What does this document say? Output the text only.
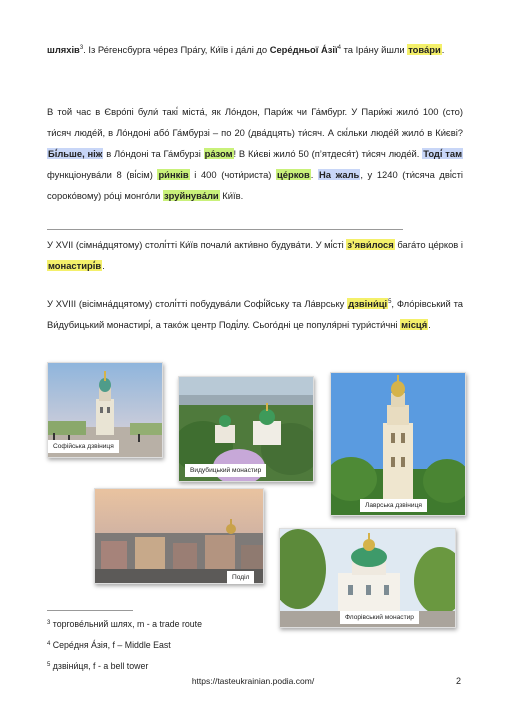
шляхів$^3$. Із Ре́генсбурга че́рез Пра́гу, Ки́їв і да́лі до Сере́дньої А́зії$^4$ та Іра́ну йшли това́ри.

В той час в Євро́пі були́ такі́ міста́, як Ло́ндон, Пари́ж чи Га́мбург. У Пари́жі жило́ 100 (сто) ти́сяч люде́й, в Ло́ндоні або́ Га́мбурзі – по 20 (два́дцять) ти́сяч. А скі́льки люде́й жило́ в Ки́єві? Бі́льше, ніж в Ло́ндоні та Га́мбурзі ра́зом! В Ки́єві жило́ 50 (п’ятдеся́т) ти́сяч люде́й. Тоді́ там функціонува́ли 8 (ві́сім) ри́нків і 400 (чоти́риста) це́рков. На жаль, у 1240 (ти́сяча дві́сті сороко́вому) ро́ці монго́ли зруйнува́ли Ки́їв.

У XVII (сімна́дцятому) столі́тті Ки́їв почали́ акти́вно будува́ти. У мі́сті з’яви́лося бага́то це́рков і монастирі́в.

У XVIII (вісімна́дцятому) столі́тті побудува́ли Софі́йську та Ла́врську $дзвіни́ці^5$, Фло́рівський та Ви́дубицький монастирі́, а тако́ж центр Поді́лу. Сього́дні це популя́рні тури́сти́чні місця́.

Софійська дзвіниця
Видубицький монастир
Лаврська дзвіниця
Поділ
Флорівський монастир
$^3$ торгове́льний шлях, m - a trade route
$^4$ Сере́дня А́зія, f – Middle East
$^5$ дзвіни́ця, f - a bell tower
https://tasteukrainian.podia.com/	2
